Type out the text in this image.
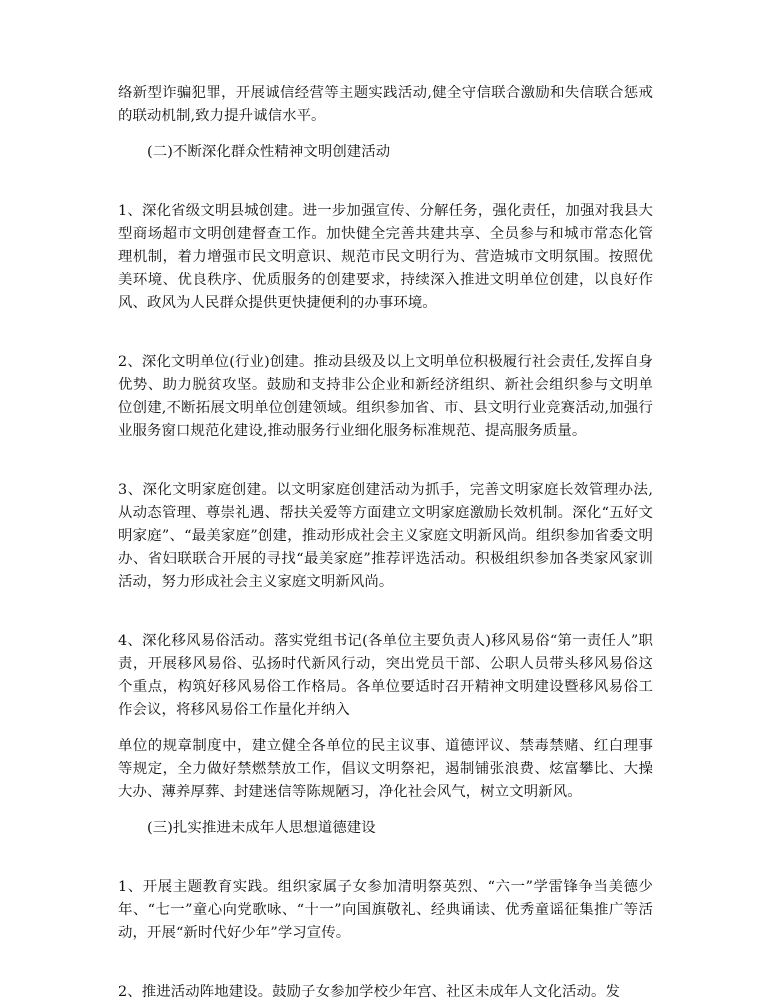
络新型诈骗犯罪，开展诚信经营等主题实践活动,健全守信联合激励和失信联合惩戒的联动机制,致力提升诚信水平。

(二)不断深化群众性精神文明创建活动

1、深化省级文明县城创建。进一步加强宣传、分解任务，强化责任，加强对我县大型商场超市文明创建督查工作。加快健全完善共建共享、全员参与和城市常态化管理机制，着力增强市民文明意识、规范市民文明行为、营造城市文明氛围。按照优美环境、优良秩序、优质服务的创建要求，持续深入推进文明单位创建，以良好作风、政风为人民群众提供更快捷便利的办事环境。

2、深化文明单位(行业)创建。推动县级及以上文明单位积极履行社会责任,发挥自身优势、助力脱贫攻坚。鼓励和支持非公企业和新经济组织、新社会组织参与文明单位创建,不断拓展文明单位创建领域。组织参加省、市、县文明行业竞赛活动,加强行业服务窗口规范化建设,推动服务行业细化服务标准规范、提高服务质量。

3、深化文明家庭创建。以文明家庭创建活动为抓手，完善文明家庭长效管理办法,从动态管理、尊崇礼遇、帮扶关爱等方面建立文明家庭激励长效机制。深化“五好文明家庭”、“最美家庭”创建，推动形成社会主义家庭文明新风尚。组织参加省委文明办、省妇联联合开展的寻找“最美家庭”推荐评选活动。积极组织参加各类家风家训活动，努力形成社会主义家庭文明新风尚。

4、深化移风易俗活动。落实党组书记(各单位主要负责人)移风易俗“第一责任人”职责，开展移风易俗、弘扬时代新风行动，突出党员干部、公职人员带头移风易俗这个重点，构筑好移风易俗工作格局。各单位要适时召开精神文明建设暨移风易俗工作会议，将移风易俗工作量化并纳入

单位的规章制度中，建立健全各单位的民主议事、道德评议、禁毒禁赌、红白理事等规定，全力做好禁燃禁放工作，倡议文明祭祀，遏制铺张浪费、炫富攀比、大操大办、薄养厚葬、封建迷信等陈规陋习，净化社会风气，树立文明新风。

(三)扎实推进未成年人思想道德建设

1、开展主题教育实践。组织家属子女参加清明祭英烈、“六一”学雷锋争当美德少年、“七一”童心向党歌咏、“十一”向国旗敬礼、经典诵读、优秀童谣征集推广等活动，开展“新时代好少年”学习宣传。

2、推进活动阵地建设。鼓励子女参加学校少年宫、社区未成年人文化活动。发
